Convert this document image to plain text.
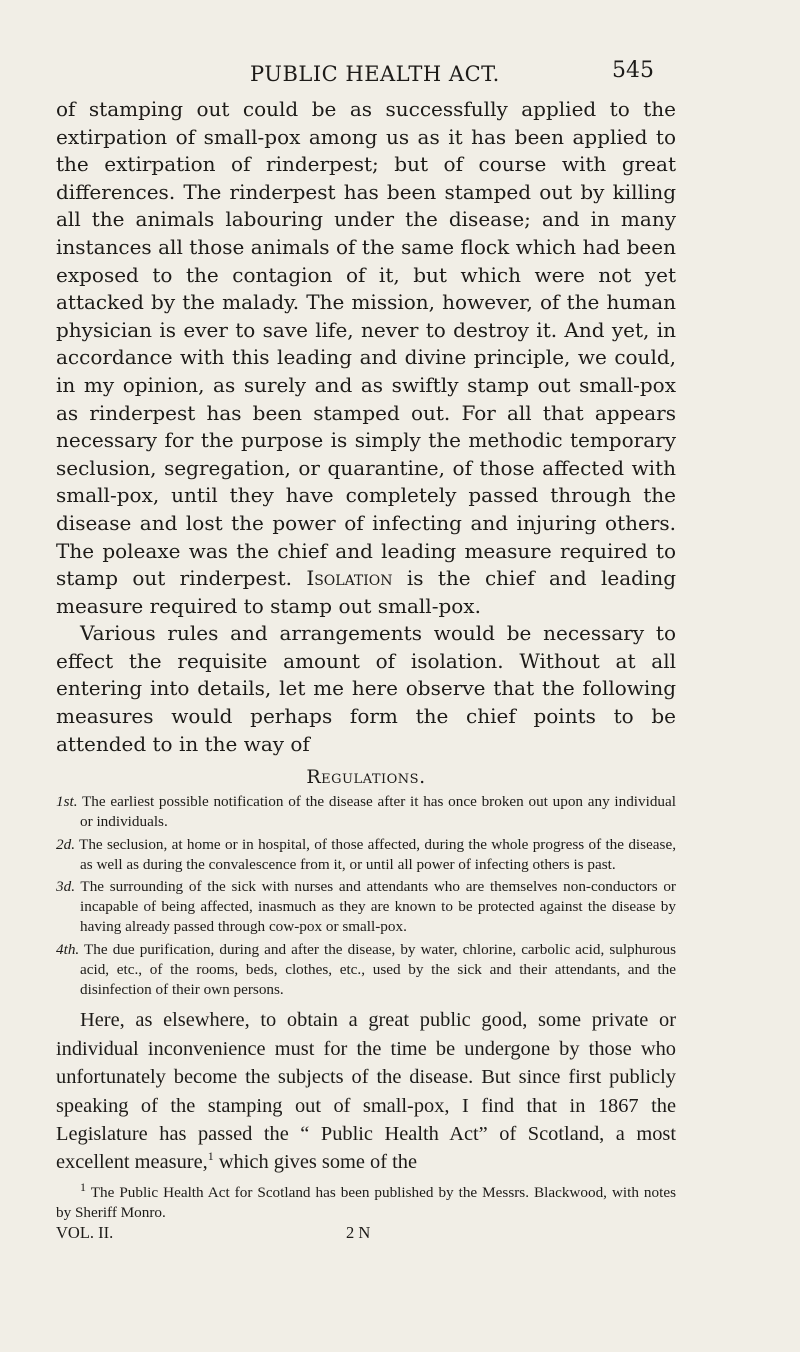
PUBLIC HEALTH ACT.	545

of stamping out could be as successfully applied to the extirpation of small-pox among us as it has been applied to the extirpation of rinderpest; but of course with great differences. The rinderpest has been stamped out by killing all the animals labouring under the disease; and in many instances all those animals of the same flock which had been exposed to the contagion of it, but which were not yet attacked by the malady. The mission, however, of the human physician is ever to save life, never to destroy it. And yet, in accordance with this leading and divine principle, we could, in my opinion, as surely and as swiftly stamp out small-pox as rinderpest has been stamped out. For all that appears necessary for the purpose is simply the methodic temporary seclusion, segregation, or quarantine, of those affected with small-pox, until they have completely passed through the disease and lost the power of infecting and injuring others. The poleaxe was the chief and leading measure required to stamp out rinderpest. Isolation is the chief and leading measure required to stamp out small-pox.

Various rules and arrangements would be necessary to effect the requisite amount of isolation. Without at all entering into details, let me here observe that the following measures would perhaps form the chief points to be attended to in the way of

Regulations.

1st. The earliest possible notification of the disease after it has once broken out upon any individual or individuals.

2d. The seclusion, at home or in hospital, of those affected, during the whole progress of the disease, as well as during the convalescence from it, or until all power of infecting others is past.

3d. The surrounding of the sick with nurses and attendants who are themselves non-conductors or incapable of being affected, inasmuch as they are known to be protected against the disease by having already passed through cow-pox or small-pox.

4th. The due purification, during and after the disease, by water, chlorine, carbolic acid, sulphurous acid, etc., of the rooms, beds, clothes, etc., used by the sick and their attendants, and the disinfection of their own persons.

Here, as elsewhere, to obtain a great public good, some private or individual inconvenience must for the time be undergone by those who unfortunately become the subjects of the disease. But since first publicly speaking of the stamping out of small-pox, I find that in 1867 the Legislature has passed the “ Public Health Act” of Scotland, a most excellent measure,$^1$ which gives some of the

$^1$ The Public Health Act for Scotland has been published by the Messrs. Blackwood, with notes by Sheriff Monro.

VOL. II.	2 N
